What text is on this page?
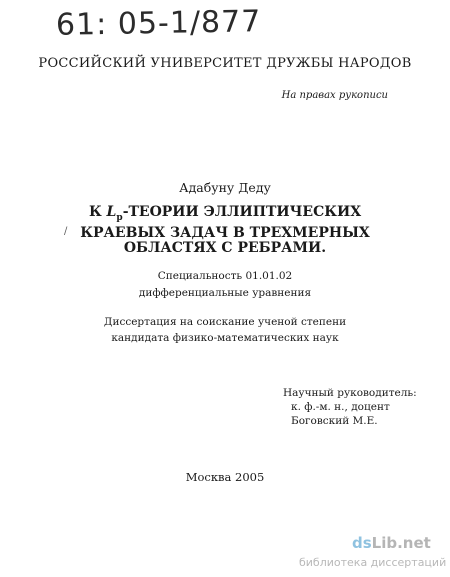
61: 05-1/877
РОССИЙСКИЙ УНИВЕРСИТЕТ ДРУЖБЫ НАРОДОВ
На правах рукописи
Адабуну Деду
/
К $L_p$-ТЕОРИИ ЭЛЛИПТИЧЕСКИХ
КРАЕВЫХ ЗАДАЧ В ТРЕХМЕРНЫХ
ОБЛАСТЯХ С РЕБРАМИ.
Специальность 01.01.02
дифференциальные уравнения
Диссертация на соискание ученой степени
кандидата физико-математических наук
Научный руководитель:
к. ф.-м. н., доцент
Боговский М.Е.
Москва 2005
dsLib.net
библиотека диссертаций
